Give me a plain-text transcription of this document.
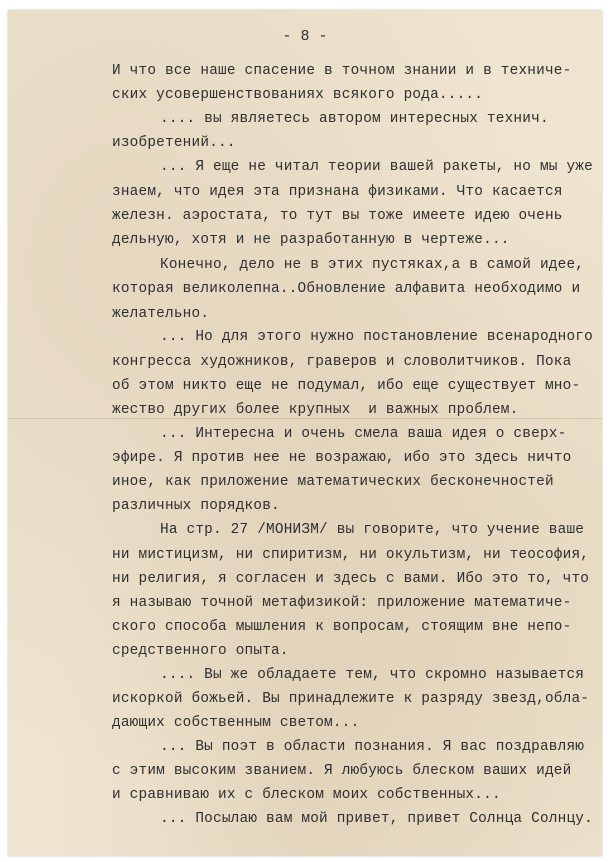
- 8 -
И что все наше спасение в точном знании и в техниче-
ских усовершенствованиях всякого рода.....
.... вы являетесь автором интересных технич.
изобретений...
... Я еще не читал теории вашей ракеты, но мы уже
знаем, что идея эта признана физиками. Что касается
железн. аэростата, то тут вы тоже имеете идею очень
дельную, хотя и не разработанную в чертеже...
Конечно, дело не в этих пустяках,а в самой идее,
которая великолепна..Обновление алфавита необходимо и
желательно.
... Но для этого нужно постановление всенародного
конгресса художников, граверов и словолитчиков. Пока
об этом никто еще не подумал, ибо еще существует мно-
жество других более крупных  и важных проблем.
... Интересна и очень смела ваша идея о сверх-
эфире. Я против нее не возражаю, ибо это здесь ничто
иное, как приложение математических бесконечностей
различных порядков.
На стр. 27 /МОНИЗМ/ вы говорите, что учение ваше
ни мистицизм, ни спиритизм, ни окультизм, ни теософия,
ни религия, я согласен и здесь с вами. Ибо это то, что
я называю точной метафизикой: приложение математиче-
ского способа мышления к вопросам, стоящим вне непо-
средственного опыта.
.... Вы же обладаете тем, что скромно называется
искоркой божьей. Вы принадлежите к разряду звезд,обла-
дающих собственным светом...
... Вы поэт в области познания. Я вас поздравляю
с этим высоким званием. Я любуюсь блеском ваших идей
и сравниваю их с блеском моих собственных...
... Посылаю вам мой привет, привет Солнца Солнцу.
